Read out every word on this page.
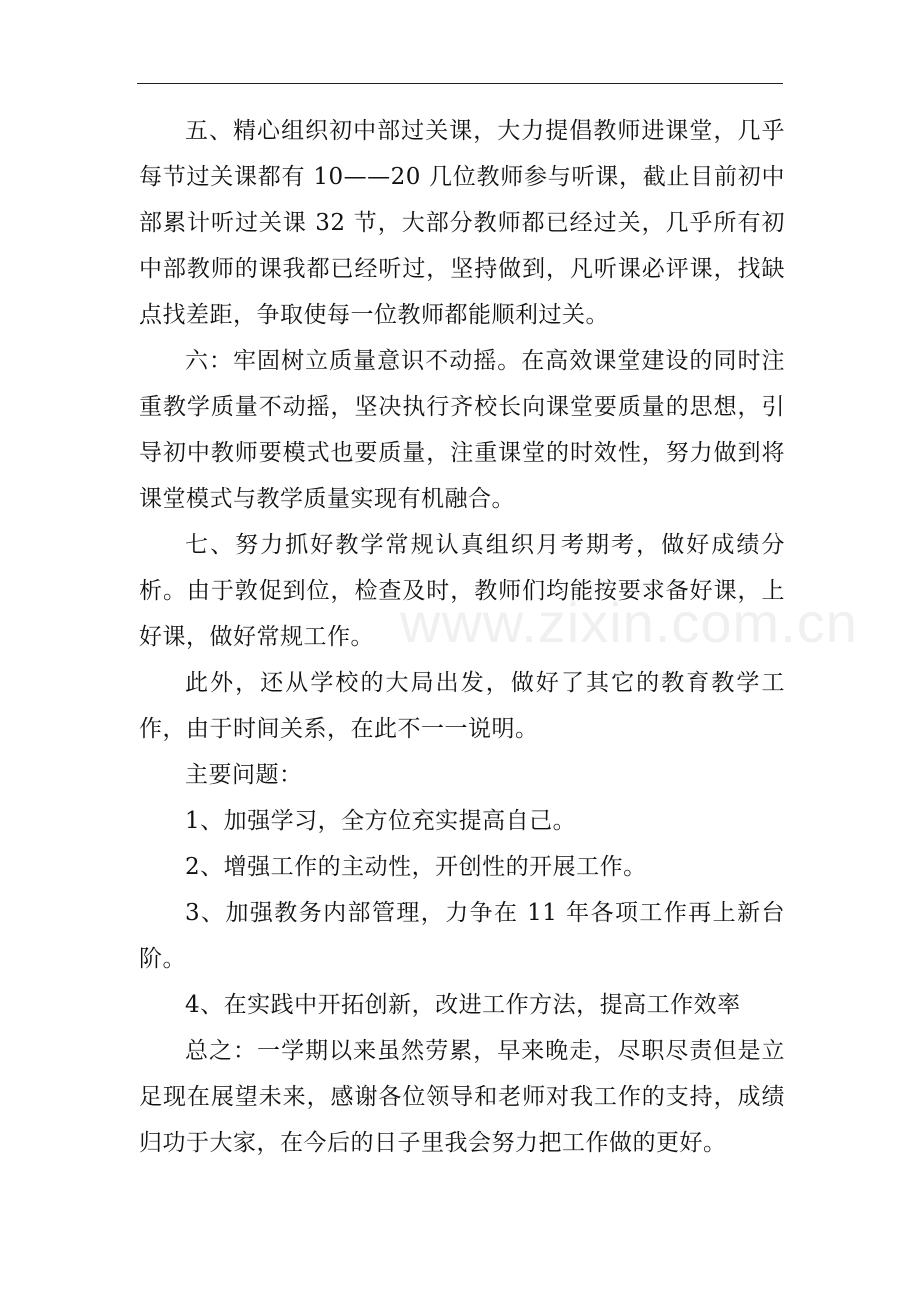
www.zixin.com.cn

五、精心组织初中部过关课，大力提倡教师进课堂，几乎每节过关课都有 10——20 几位教师参与听课，截止目前初中部累计听过关课 32 节，大部分教师都已经过关，几乎所有初中部教师的课我都已经听过，坚持做到，凡听课必评课，找缺点找差距，争取使每一位教师都能顺利过关。

六：牢固树立质量意识不动摇。在高效课堂建设的同时注重教学质量不动摇，坚决执行齐校长向课堂要质量的思想，引导初中教师要模式也要质量，注重课堂的时效性，努力做到将课堂模式与教学质量实现有机融合。

七、努力抓好教学常规认真组织月考期考，做好成绩分析。由于敦促到位，检查及时，教师们均能按要求备好课，上好课，做好常规工作。

此外，还从学校的大局出发，做好了其它的教育教学工作，由于时间关系，在此不一一说明。

主要问题：

1、加强学习，全方位充实提高自己。

2、增强工作的主动性，开创性的开展工作。

3、加强教务内部管理，力争在 11 年各项工作再上新台阶。

4、在实践中开拓创新，改进工作方法，提高工作效率

总之：一学期以来虽然劳累，早来晚走，尽职尽责但是立足现在展望未来，感谢各位领导和老师对我工作的支持，成绩归功于大家，在今后的日子里我会努力把工作做的更好。
